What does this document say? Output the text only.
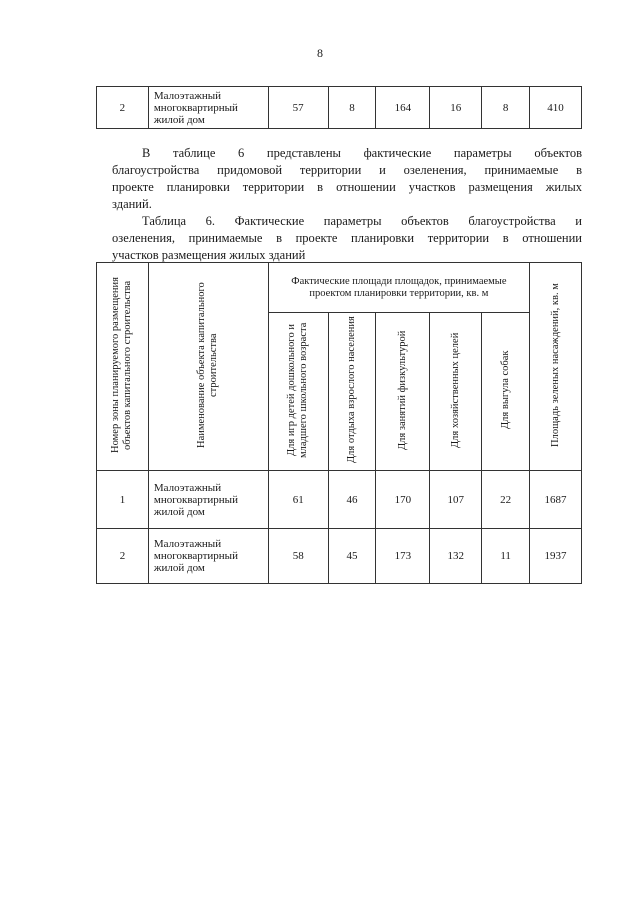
8
2	Малоэтажный многоквартирный жилой дом	57	8	164	16	8	410

В таблице 6 представлены фактические параметры объектов
благоустройства придомовой территории и озеленения, принимаемые в
проекте планировки территории в отношении участков размещения жилых
зданий.

Таблица 6. Фактические параметры объектов благоустройства и
озеленения, принимаемые в проекте планировки территории в отношении
участков размещения жилых зданий

Номер зоны планируемого размещения объектов капитального строительства	Наименование объекта капитального строительства	Фактические площади площадок, принимаемые проектом планировки территории, кв. м					Площадь зеленых насаждений, кв. м
		Для игр детей дошкольного и младшего школьного возраста	Для отдыха взрослого населения	Для занятий физкультурой	Для хозяйственных целей	Для выгула собак	
1	Малоэтажный многоквартирный жилой дом	61	46	170	107	22	1687
2	Малоэтажный многоквартирный жилой дом	58	45	173	132	11	1937
